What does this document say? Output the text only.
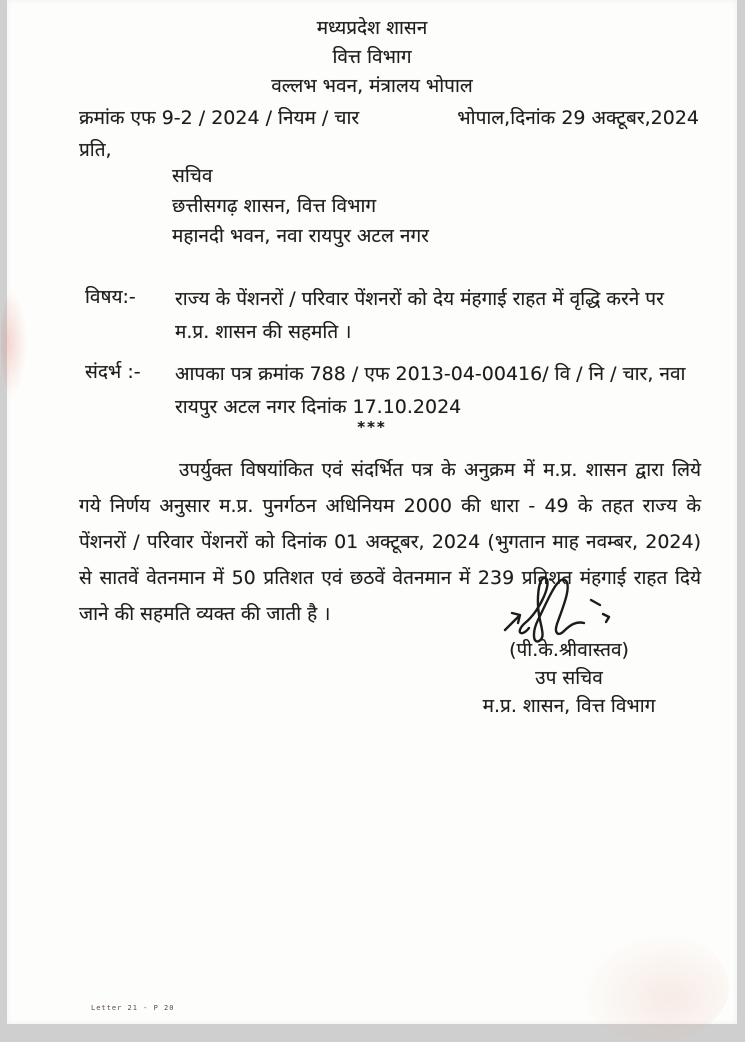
मध्यप्रदेश शासन
वित्त विभाग
वल्लभ भवन, मंत्रालय भोपाल
क्रमांक एफ 9-2 / 2024 / नियम / चार	भोपाल,दिनांक 29 अक्टूबर,2024
प्रति,
सचिव
छत्तीसगढ़ शासन, वित्त विभाग
महानदी भवन, नवा रायपुर अटल नगर
विषय:-	राज्य के पेंशनरों / परिवार पेंशनरों को देय मंहगाई राहत में वृद्धि करने पर म.प्र. शासन की सहमति ।
संदर्भ :-	आपका पत्र क्रमांक 788 / एफ 2013-04-00416/ वि / नि / चार, नवा रायपुर अटल नगर दिनांक 17.10.2024
***
उपर्युक्त विषयांकित एवं संदर्भित पत्र के अनुक्रम में म.प्र. शासन द्वारा लिये गये निर्णय अनुसार म.प्र. पुनर्गठन अधिनियम 2000 की धारा - 49 के तहत राज्य के पेंशनरों / परिवार पेंशनरों को दिनांक 01 अक्टूबर, 2024 (भुगतान माह नवम्बर, 2024) से सातवें वेतनमान में 50 प्रतिशत एवं छठवें वेतनमान में 239 प्रतिशत मंहगाई राहत दिये जाने की सहमति व्यक्त की जाती है ।
(पी.के.श्रीवास्तव)
उप सचिव
म.प्र. शासन, वित्त विभाग
Letter 21 - P 20
